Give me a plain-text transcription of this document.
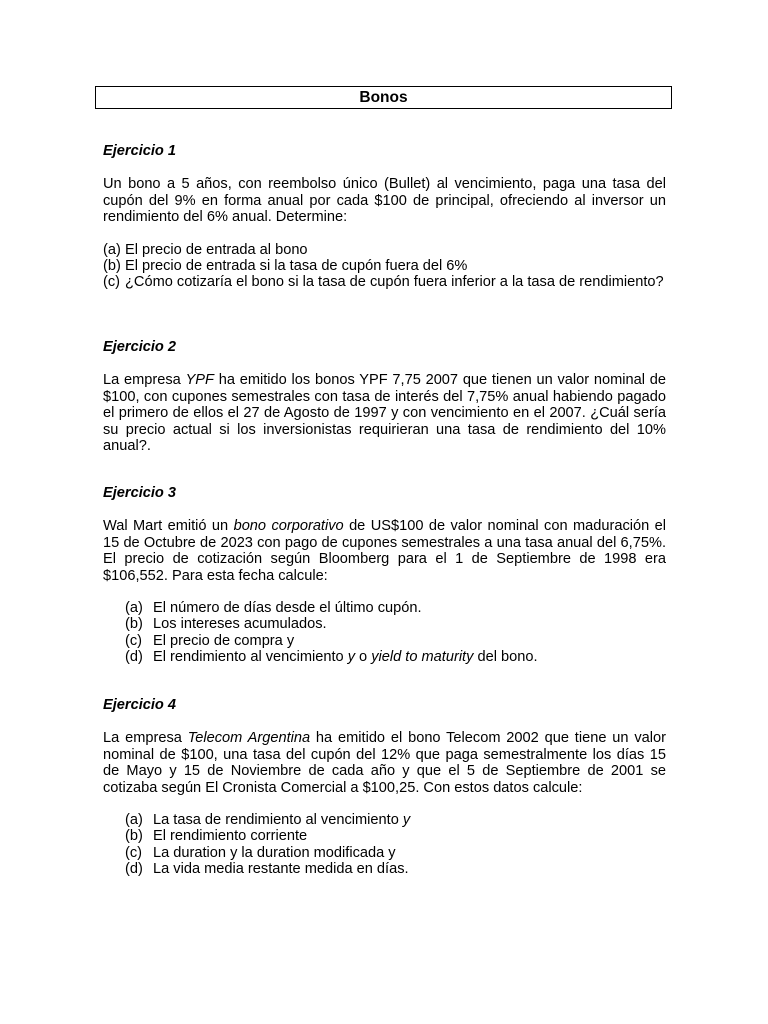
Bonos

Ejercicio 1

Un bono a 5 años, con reembolso único (Bullet) al vencimiento, paga una tasa del cupón del 9% en forma anual por cada $100 de principal, ofreciendo al inversor un rendimiento del 6% anual. Determine:

(a) El precio de entrada al bono
(b) El precio de entrada si la tasa de cupón fuera del 6%
(c) ¿Cómo cotizaría el bono si la tasa de cupón fuera inferior a la tasa de rendimiento?

Ejercicio 2

La empresa YPF ha emitido los bonos YPF 7,75 2007 que tienen un valor nominal de $100, con cupones semestrales con tasa de interés del 7,75% anual habiendo pagado el primero de ellos el 27 de Agosto de 1997 y con vencimiento en el 2007. ¿Cuál sería su precio actual si los inversionistas requirieran una tasa de rendimiento del 10% anual?.

Ejercicio 3

Wal Mart emitió un bono corporativo de US$100 de valor nominal con maduración el 15 de Octubre de 2023 con pago de cupones semestrales a una tasa anual del 6,75%. El precio de cotización según Bloomberg para el 1 de Septiembre de 1998 era $106,552. Para esta fecha calcule:

(a) El número de días desde el último cupón.
(b) Los intereses acumulados.
(c) El precio de compra y
(d) El rendimiento al vencimiento y o yield to maturity del bono.

Ejercicio 4

La empresa Telecom Argentina ha emitido el bono Telecom 2002 que tiene un valor nominal de $100, una tasa del cupón del 12% que paga semestralmente los días 15 de Mayo y 15 de Noviembre de cada año y que el 5 de Septiembre de 2001 se cotizaba según El Cronista Comercial a $100,25. Con estos datos calcule:

(a) La tasa de rendimiento al vencimiento y
(b) El rendimiento corriente
(c) La duration y la duration modificada y
(d) La vida media restante medida en días.
